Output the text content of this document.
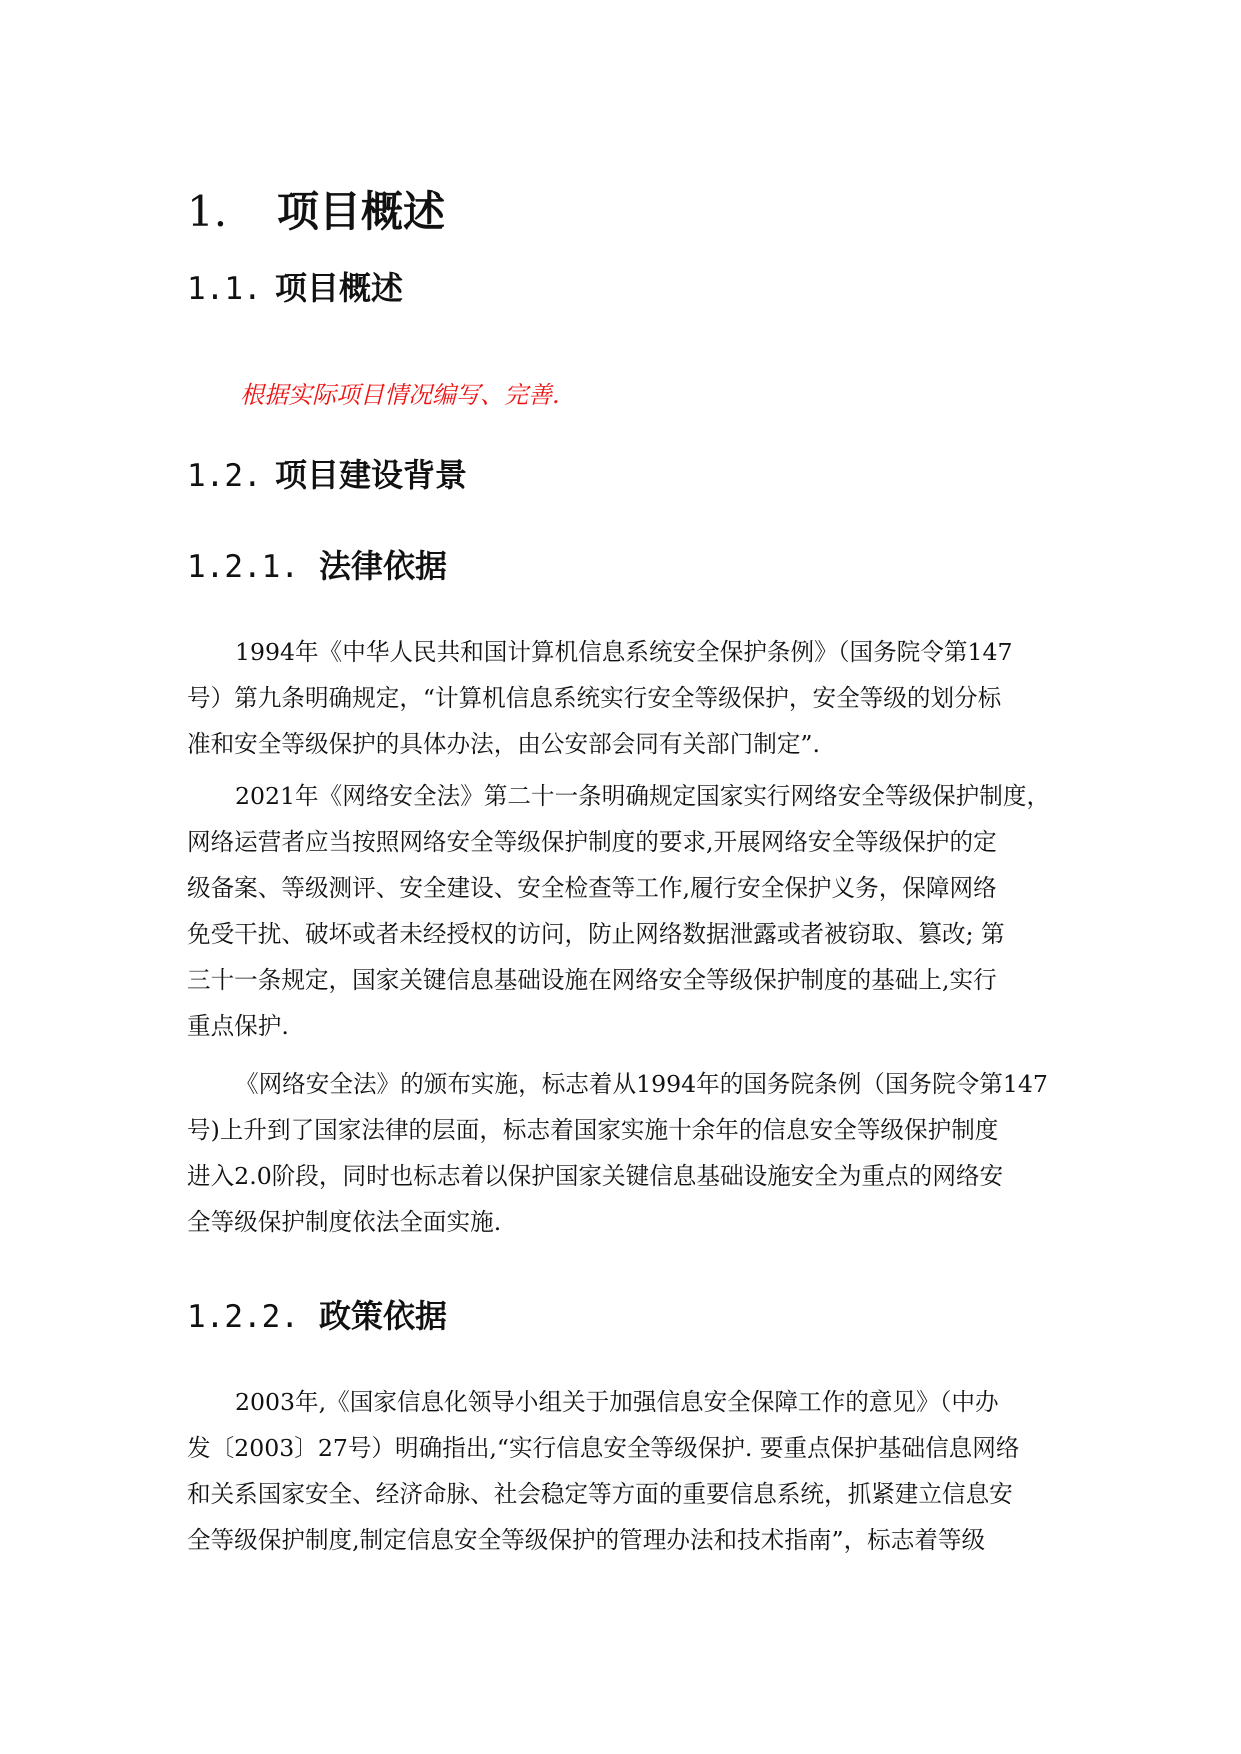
1. 项目概述
1.1. 项目概述

根据实际项目情况编写、完善.

1.2. 项目建设背景
1.2.1. 法律依据
1994年《中华人民共和国计算机信息系统安全保护条例》（国务院令第147
号）第九条明确规定，“计算机信息系统实行安全等级保护，安全等级的划分标
准和安全等级保护的具体办法，由公安部会同有关部门制定”.
2021年《网络安全法》第二十一条明确规定国家实行网络安全等级保护制度，
网络运营者应当按照网络安全等级保护制度的要求,开展网络安全等级保护的定
级备案、等级测评、安全建设、安全检查等工作,履行安全保护义务，保障网络
免受干扰、破坏或者未经授权的访问，防止网络数据泄露或者被窃取、篡改; 第
三十一条规定，国家关键信息基础设施在网络安全等级保护制度的基础上,实行
重点保护.
《网络安全法》的颁布实施，标志着从1994年的国务院条例（国务院令第147
号)上升到了国家法律的层面，标志着国家实施十余年的信息安全等级保护制度
进入2.0阶段，同时也标志着以保护国家关键信息基础设施安全为重点的网络安
全等级保护制度依法全面实施.
1.2.2. 政策依据
2003年,《国家信息化领导小组关于加强信息安全保障工作的意见》（中办
发〔2003〕27号）明确指出,“实行信息安全等级保护. 要重点保护基础信息网络
和关系国家安全、经济命脉、社会稳定等方面的重要信息系统，抓紧建立信息安
全等级保护制度,制定信息安全等级保护的管理办法和技术指南”，标志着等级
